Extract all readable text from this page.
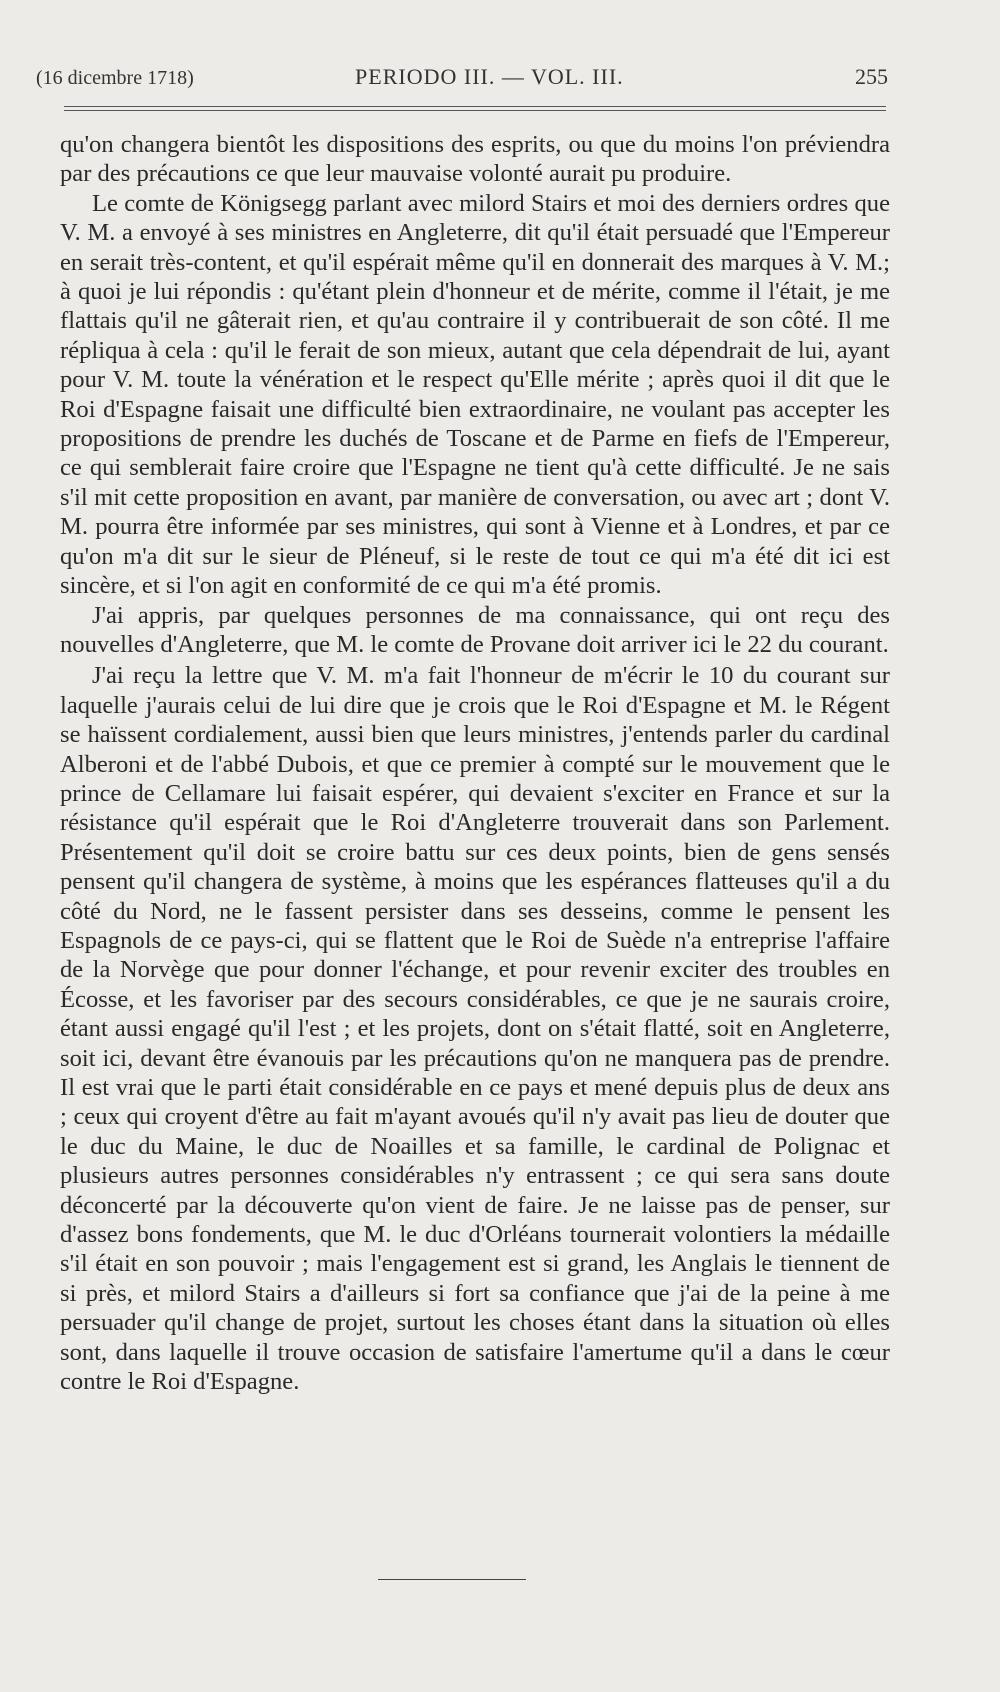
(16 dicembre 1718)	PERIODO III. — VOL. III.	255

qu'on changera bientôt les dispositions des esprits, ou que du moins l'on préviendra par des précautions ce que leur mauvaise volonté aurait pu produire.

Le comte de Königsegg parlant avec milord Stairs et moi des derniers ordres que V. M. a envoyé à ses ministres en Angleterre, dit qu'il était persuadé que l'Empereur en serait très-content, et qu'il espérait même qu'il en donnerait des marques à V. M.; à quoi je lui répondis : qu'étant plein d'honneur et de mérite, comme il l'était, je me flattais qu'il ne gâterait rien, et qu'au contraire il y contribuerait de son côté. Il me répliqua à cela : qu'il le ferait de son mieux, autant que cela dépendrait de lui, ayant pour V. M. toute la vénération et le respect qu'Elle mérite ; après quoi il dit que le Roi d'Espagne faisait une difficulté bien extraordinaire, ne voulant pas accepter les propositions de prendre les duchés de Toscane et de Parme en fiefs de l'Empereur, ce qui semblerait faire croire que l'Espagne ne tient qu'à cette difficulté. Je ne sais s'il mit cette proposition en avant, par manière de conversation, ou avec art ; dont V. M. pourra être informée par ses ministres, qui sont à Vienne et à Londres, et par ce qu'on m'a dit sur le sieur de Pléneuf, si le reste de tout ce qui m'a été dit ici est sincère, et si l'on agit en conformité de ce qui m'a été promis.

J'ai appris, par quelques personnes de ma connaissance, qui ont reçu des nouvelles d'Angleterre, que M. le comte de Provane doit arriver ici le 22 du courant.

J'ai reçu la lettre que V. M. m'a fait l'honneur de m'écrir le 10 du courant sur laquelle j'aurais celui de lui dire que je crois que le Roi d'Espagne et M. le Régent se haïssent cordialement, aussi bien que leurs ministres, j'entends parler du cardinal Alberoni et de l'abbé Dubois, et que ce premier à compté sur le mouvement que le prince de Cellamare lui faisait espérer, qui devaient s'exciter en France et sur la résistance qu'il espérait que le Roi d'Angleterre trouverait dans son Parlement. Présentement qu'il doit se croire battu sur ces deux points, bien de gens sensés pensent qu'il changera de système, à moins que les espérances flatteuses qu'il a du côté du Nord, ne le fassent persister dans ses desseins, comme le pensent les Espagnols de ce pays-ci, qui se flattent que le Roi de Suède n'a entreprise l'affaire de la Norvège que pour donner l'échange, et pour revenir exciter des troubles en Écosse, et les favoriser par des secours considérables, ce que je ne saurais croire, étant aussi engagé qu'il l'est ; et les projets, dont on s'était flatté, soit en Angleterre, soit ici, devant être évanouis par les précautions qu'on ne manquera pas de prendre. Il est vrai que le parti était considérable en ce pays et mené depuis plus de deux ans ; ceux qui croyent d'être au fait m'ayant avoués qu'il n'y avait pas lieu de douter que le duc du Maine, le duc de Noailles et sa famille, le cardinal de Polignac et plusieurs autres personnes considérables n'y entrassent ; ce qui sera sans doute déconcerté par la découverte qu'on vient de faire. Je ne laisse pas de penser, sur d'assez bons fondements, que M. le duc d'Orléans tournerait volontiers la médaille s'il était en son pouvoir ; mais l'engagement est si grand, les Anglais le tiennent de si près, et milord Stairs a d'ailleurs si fort sa confiance que j'ai de la peine à me persuader qu'il change de projet, surtout les choses étant dans la situation où elles sont, dans laquelle il trouve occasion de satisfaire l'amertume qu'il a dans le cœur contre le Roi d'Espagne.
